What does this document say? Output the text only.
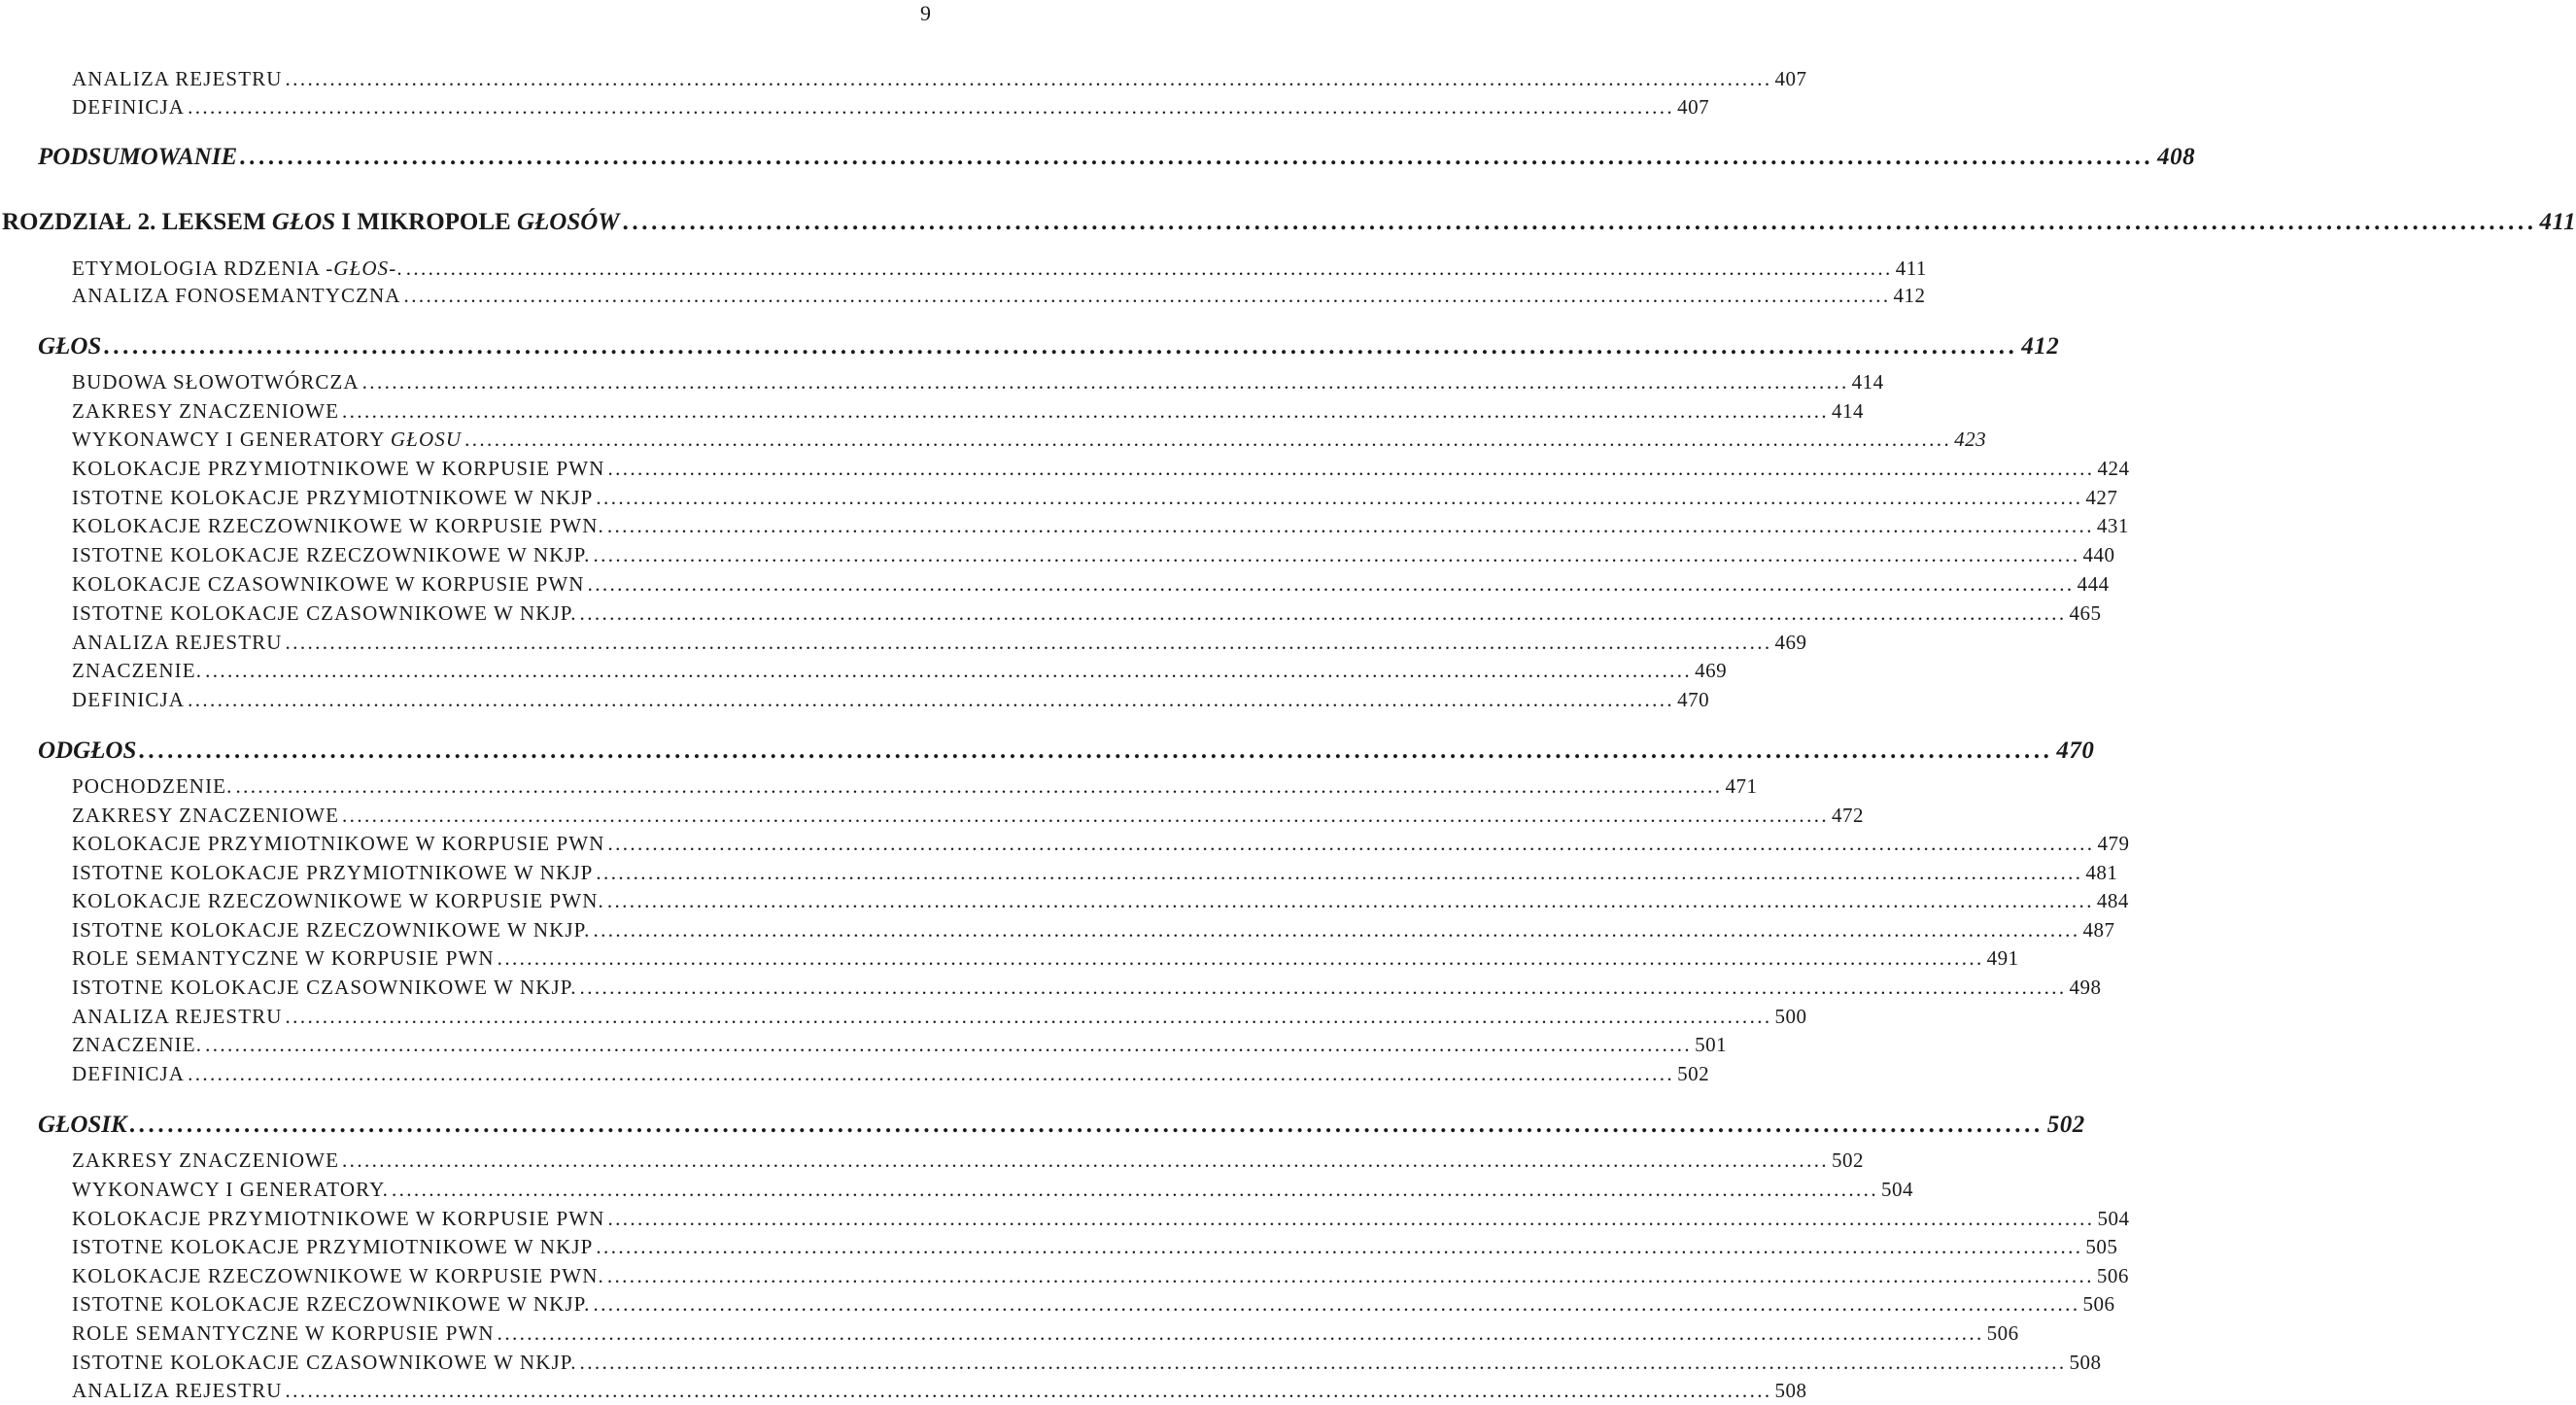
9
ANALIZA REJESTRU ........................................................................................................................................................................................................ 407
DEFINICJA ........................................................................................................................................................................................................ 407
PODSUMOWANIE ........................................................................................................................................................................................................ 408
ROZDZIAŁ 2. LEKSEM GŁOS I MIKROPOLE GŁOSÓW ........................................................................................................................................................................................................ 411
ETYMOLOGIA RDZENIA -GŁOS-. ........................................................................................................................................................................................................ 411
ANALIZA FONOSEMANTYCZNA ........................................................................................................................................................................................................ 412
GŁOS ........................................................................................................................................................................................................ 412
BUDOWA SŁOWOTWÓRCZA ........................................................................................................................................................................................................ 414
ZAKRESY ZNACZENIOWE ........................................................................................................................................................................................................ 414
WYKONAWCY I GENERATORY GŁOSU ........................................................................................................................................................................................................ 423
KOLOKACJE PRZYMIOTNIKOWE W KORPUSIE PWN ........................................................................................................................................................................................................ 424
ISTOTNE KOLOKACJE PRZYMIOTNIKOWE W NKJP ........................................................................................................................................................................................................ 427
KOLOKACJE RZECZOWNIKOWE W KORPUSIE PWN. ........................................................................................................................................................................................................ 431
ISTOTNE KOLOKACJE RZECZOWNIKOWE W NKJP. ........................................................................................................................................................................................................ 440
KOLOKACJE CZASOWNIKOWE W KORPUSIE PWN ........................................................................................................................................................................................................ 444
ISTOTNE KOLOKACJE CZASOWNIKOWE W NKJP. ........................................................................................................................................................................................................ 465
ANALIZA REJESTRU ........................................................................................................................................................................................................ 469
ZNACZENIE. ........................................................................................................................................................................................................ 469
DEFINICJA ........................................................................................................................................................................................................ 470
ODGŁOS ........................................................................................................................................................................................................ 470
POCHODZENIE. ........................................................................................................................................................................................................ 471
ZAKRESY ZNACZENIOWE ........................................................................................................................................................................................................ 472
KOLOKACJE PRZYMIOTNIKOWE W KORPUSIE PWN ........................................................................................................................................................................................................ 479
ISTOTNE KOLOKACJE PRZYMIOTNIKOWE W NKJP ........................................................................................................................................................................................................ 481
KOLOKACJE RZECZOWNIKOWE W KORPUSIE PWN. ........................................................................................................................................................................................................ 484
ISTOTNE KOLOKACJE RZECZOWNIKOWE W NKJP. ........................................................................................................................................................................................................ 487
ROLE SEMANTYCZNE W KORPUSIE PWN ........................................................................................................................................................................................................ 491
ISTOTNE KOLOKACJE CZASOWNIKOWE W NKJP. ........................................................................................................................................................................................................ 498
ANALIZA REJESTRU ........................................................................................................................................................................................................ 500
ZNACZENIE. ........................................................................................................................................................................................................ 501
DEFINICJA ........................................................................................................................................................................................................ 502
GŁOSIK ........................................................................................................................................................................................................ 502
ZAKRESY ZNACZENIOWE ........................................................................................................................................................................................................ 502
WYKONAWCY I GENERATORY. ........................................................................................................................................................................................................ 504
KOLOKACJE PRZYMIOTNIKOWE W KORPUSIE PWN ........................................................................................................................................................................................................ 504
ISTOTNE KOLOKACJE PRZYMIOTNIKOWE W NKJP ........................................................................................................................................................................................................ 505
KOLOKACJE RZECZOWNIKOWE W KORPUSIE PWN. ........................................................................................................................................................................................................ 506
ISTOTNE KOLOKACJE RZECZOWNIKOWE W NKJP. ........................................................................................................................................................................................................ 506
ROLE SEMANTYCZNE W KORPUSIE PWN ........................................................................................................................................................................................................ 506
ISTOTNE KOLOKACJE CZASOWNIKOWE W NKJP. ........................................................................................................................................................................................................ 508
ANALIZA REJESTRU ........................................................................................................................................................................................................ 508
